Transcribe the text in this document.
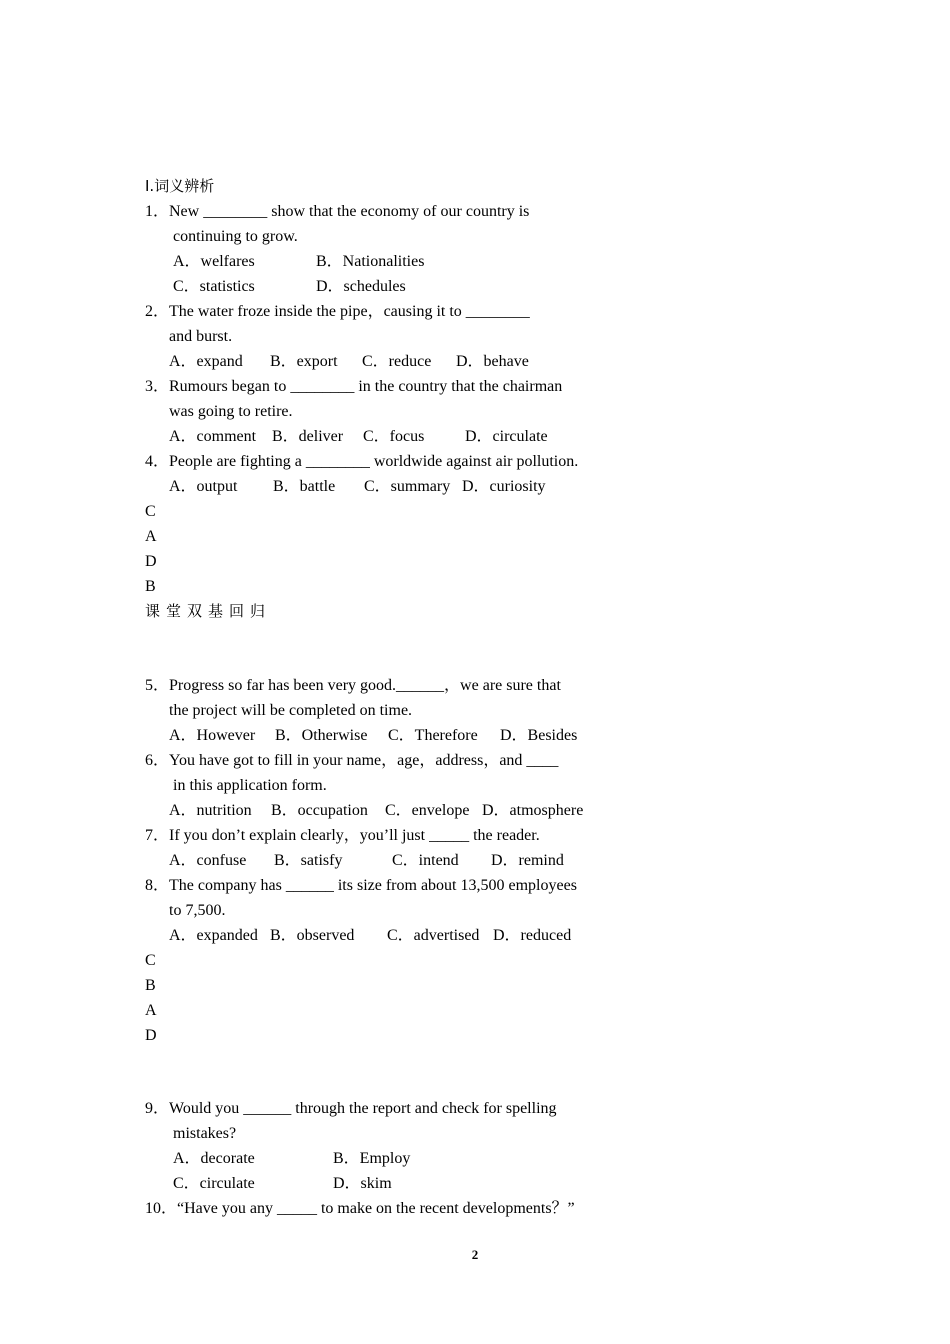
Ⅰ.词义辨析
1．New ________ show that the economy of our country is
continuing to grow.
A．welfares	B．Nationalities
C．statistics	D．schedules
2．The water froze inside the pipe，causing it to ________
and burst.
A．expand B．export C．reduce D．behave
3．Rumours began to ________ in the country that the chairman
was going to retire.
A．comment B．deliver C．focus	D．circulate
4．People are fighting a ________ worldwide against air pollution.
A．output B．battle C．summary D．curiosity
C
A
D
B
课堂双基回归
5．Progress so far has been very good.______，we are sure that
the project will be completed on time.
A．However B．Otherwise C．Therefore D．Besides
6．You have got to fill in your name，age，address，and ____
in this application form.
A．nutrition B．occupation C．envelope D．atmosphere
7．If you don’t explain clearly，you’ll just _____ the reader.
A．confuse B．satisfy	C．intend D．remind
8．The company has ______ its size from about 13,500 employees
to 7,500.
A．expanded B．observed C．advertised D．reduced
C
B
A
D
9．Would you ______ through the report and check for spelling
mistakes?
A．decorate	B．Employ
C．circulate	D．skim
10．“Have you any _____ to make on the recent developments？”
2
